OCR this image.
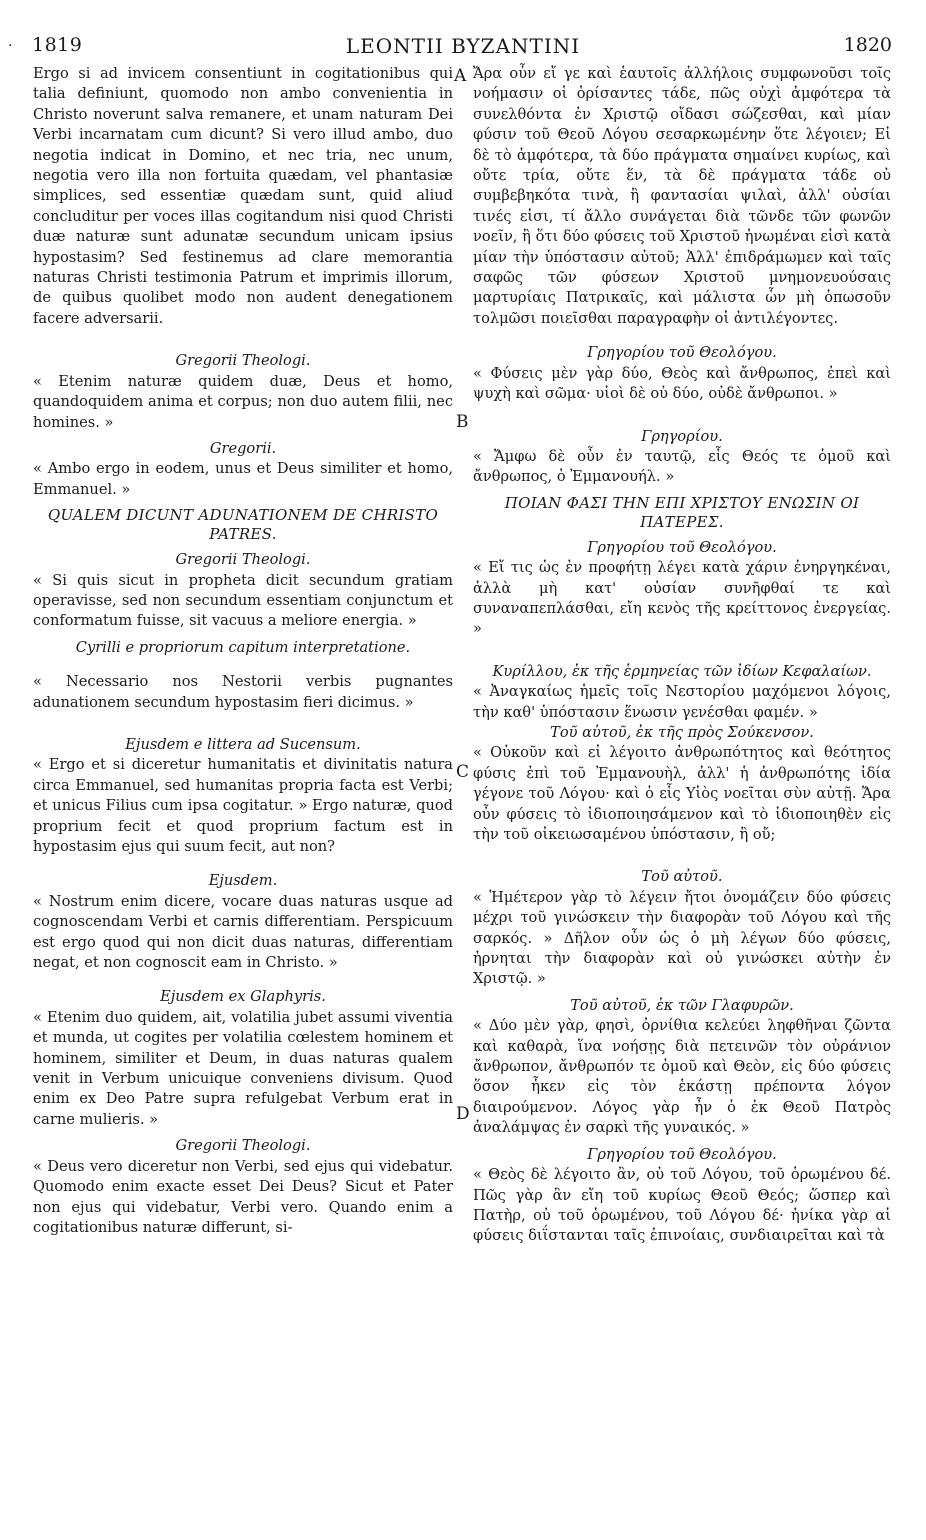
. 1819	LEONTII BYZANTINI	1820
A
B
C
D

Ergo si ad invicem consentiunt in cogitationibus qui talia definiunt, quomodo non ambo convenientia in Christo noverunt salva remanere, et unam naturam Dei Verbi incarnatam cum dicunt? Si vero illud ambo, duo negotia indicat in Domino, et nec tria, nec unum, negotia vero illa non fortuita quædam, vel phantasiæ simplices, sed essentiæ quædam sunt, quid aliud concluditur per voces illas cogitandum nisi quod Christi duæ naturæ sunt adunatæ secundum unicam ipsius hypostasim? Sed festinemus ad clare memorantia naturas Christi testimonia Patrum et imprimis illorum, de quibus quolibet modo non audent denegationem facere adversarii.

Gregorii Theologi.

« Etenim naturæ quidem duæ, Deus et homo, quandoquidem anima et corpus; non duo autem filii, nec homines. »

Gregorii.

« Ambo ergo in eodem, unus et Deus similiter et homo, Emmanuel. »

QUALEM DICUNT ADUNATIONEM DE CHRISTO PATRES.

Gregorii Theologi.

« Si quis sicut in propheta dicit secundum gratiam operavisse, sed non secundum essentiam conjunctum et conformatum fuisse, sit vacuus a meliore energia. »

Cyrilli e propriorum capitum interpretatione.

« Necessario nos Nestorii verbis pugnantes adunationem secundum hypostasim fieri dicimus. »

Ejusdem e littera ad Sucensum.

« Ergo et si diceretur humanitatis et divinitatis natura circa Emmanuel, sed humanitas propria facta est Verbi; et unicus Filius cum ipsa cogitatur. » Ergo naturæ, quod proprium fecit et quod proprium factum est in hypostasim ejus qui suum fecit, aut non?

Ejusdem.

« Nostrum enim dicere, vocare duas naturas usque ad cognoscendam Verbi et carnis differentiam. Perspicuum est ergo quod qui non dicit duas naturas, differentiam negat, et non cognoscit eam in Christo. »

Ejusdem ex Glaphyris.

« Etenim duo quidem, ait, volatilia jubet assumi viventia et munda, ut cogites per volatilia cœlestem hominem et hominem, similiter et Deum, in duas naturas qualem venit in Verbum unicuique conveniens divisum. Quod enim ex Deo Patre supra refulgebat Verbum erat in carne mulieris. »

Gregorii Theologi.

« Deus vero diceretur non Verbi, sed ejus qui videbatur. Quomodo enim exacte esset Dei Deus? Sicut et Pater non ejus qui videbatur, Verbi vero. Quando enim a cogitationibus naturæ differunt, si-

Ἄρα οὖν εἴ γε καὶ ἑαυτοῖς ἀλλήλοις συμφωνοῦσι τοῖς νοήμασιν οἱ ὁρίσαντες τάδε, πῶς οὐχὶ ἀμφότερα τὰ συνελθόντα ἐν Χριστῷ οἴδασι σώζεσθαι, καὶ μίαν φύσιν τοῦ Θεοῦ Λόγου σεσαρκωμένην ὅτε λέγοιεν; Εἰ δὲ τὸ ἀμφότερα, τὰ δύο πράγματα σημαίνει κυρίως, καὶ οὔτε τρία, οὔτε ἕν, τὰ δὲ πράγματα τάδε οὐ συμβεβηκότα τινὰ, ἢ φαντασίαι ψιλαὶ, ἀλλ' οὐσίαι τινές εἰσι, τί ἄλλο συνάγεται διὰ τῶνδε τῶν φωνῶν νοεῖν, ἢ ὅτι δύο φύσεις τοῦ Χριστοῦ ἡνωμέναι εἰσὶ κατὰ μίαν τὴν ὑπόστασιν αὐτοῦ; Ἀλλ' ἐπιδράμωμεν καὶ ταῖς σαφῶς τῶν φύσεων Χριστοῦ μνημονευούσαις μαρτυρίαις Πατρικαῖς, καὶ μάλιστα ὧν μὴ ὁπωσοῦν τολμῶσι ποιεῖσθαι παραγραφὴν οἱ ἀντιλέγοντες.

Γρηγορίου τοῦ Θεολόγου.

« Φύσεις μὲν γὰρ δύο, Θεὸς καὶ ἄνθρωπος, ἐπεὶ καὶ ψυχὴ καὶ σῶμα· υἱοὶ δὲ οὐ δύο, οὐδὲ ἄνθρωποι. »

Γρηγορίου.

« Ἄμφω δὲ οὖν ἐν ταυτῷ, εἷς Θεός τε ὁμοῦ καὶ ἄνθρωπος, ὁ Ἐμμανουήλ. »

ΠΟΙΑΝ ΦΑΣΙ ΤΗΝ ΕΠΙ ΧΡΙΣΤΟΥ ΕΝΩΣΙΝ ΟΙ ΠΑΤΕΡΕΣ.

Γρηγορίου τοῦ Θεολόγου.

« Εἴ τις ὡς ἐν προφήτῃ λέγει κατὰ χάριν ἐνηργηκέναι, ἀλλὰ μὴ κατ' οὐσίαν συνῆφθαί τε καὶ συναναπεπλάσθαι, εἴη κενὸς τῆς κρείττονος ἐνεργείας. »

Κυρίλλου, ἐκ τῆς ἑρμηνείας τῶν ἰδίων Κεφαλαίων.

« Ἀναγκαίως ἡμεῖς τοῖς Νεστορίου μαχόμενοι λόγοις, τὴν καθ' ὑπόστασιν ἕνωσιν γενέσθαι φαμέν. »

Τοῦ αὐτοῦ, ἐκ τῆς πρὸς Σούκενσον.

« Οὐκοῦν καὶ εἰ λέγοιτο ἀνθρωπότητος καὶ θεότητος φύσις ἐπὶ τοῦ Ἐμμανουὴλ, ἀλλ' ἡ ἀνθρωπότης ἰδία γέγονε τοῦ Λόγου· καὶ ὁ εἷς Υἱὸς νοεῖται σὺν αὐτῇ. Ἄρα οὖν φύσεις τὸ ἰδιοποιησάμενον καὶ τὸ ἰδιοποιηθὲν εἰς τὴν τοῦ οἰκειωσαμένου ὑπόστασιν, ἢ οὔ;

Τοῦ αὐτοῦ.

« Ἡμέτερον γὰρ τὸ λέγειν ἤτοι ὀνομάζειν δύο φύσεις μέχρι τοῦ γινώσκειν τὴν διαφορὰν τοῦ Λόγου καὶ τῆς σαρκός. » Δῆλον οὖν ὡς ὁ μὴ λέγων δύο φύσεις, ἠρνηται τὴν διαφορὰν καὶ οὐ γινώσκει αὐτὴν ἐν Χριστῷ. »

Τοῦ αὐτοῦ, ἐκ τῶν Γλαφυρῶν.

« Δύο μὲν γὰρ, φησὶ, ὀρνίθια κελεύει ληφθῆναι ζῶντα καὶ καθαρὰ, ἵνα νοήσῃς διὰ πετεινῶν τὸν οὐράνιον ἄνθρωπον, ἄνθρωπόν τε ὁμοῦ καὶ Θεὸν, εἰς δύο φύσεις ὅσον ἧκεν εἰς τὸν ἑκάστῃ πρέποντα λόγον διαιρούμενον. Λόγος γὰρ ἦν ὁ ἐκ Θεοῦ Πατρὸς ἀναλάμψας ἐν σαρκὶ τῆς γυναικός. »

Γρηγορίου τοῦ Θεολόγου.

« Θεὸς δὲ λέγοιτο ἂν, οὐ τοῦ Λόγου, τοῦ ὁρωμένου δέ. Πῶς γὰρ ἂν εἴη τοῦ κυρίως Θεοῦ Θεός; ὥσπερ καὶ Πατὴρ, οὐ τοῦ ὁρωμένου, τοῦ Λόγου δέ· ἡνίκα γὰρ αἱ φύσεις διΐστανται ταῖς ἐπινοίαις, συνδιαιρεῖται καὶ τὰ
